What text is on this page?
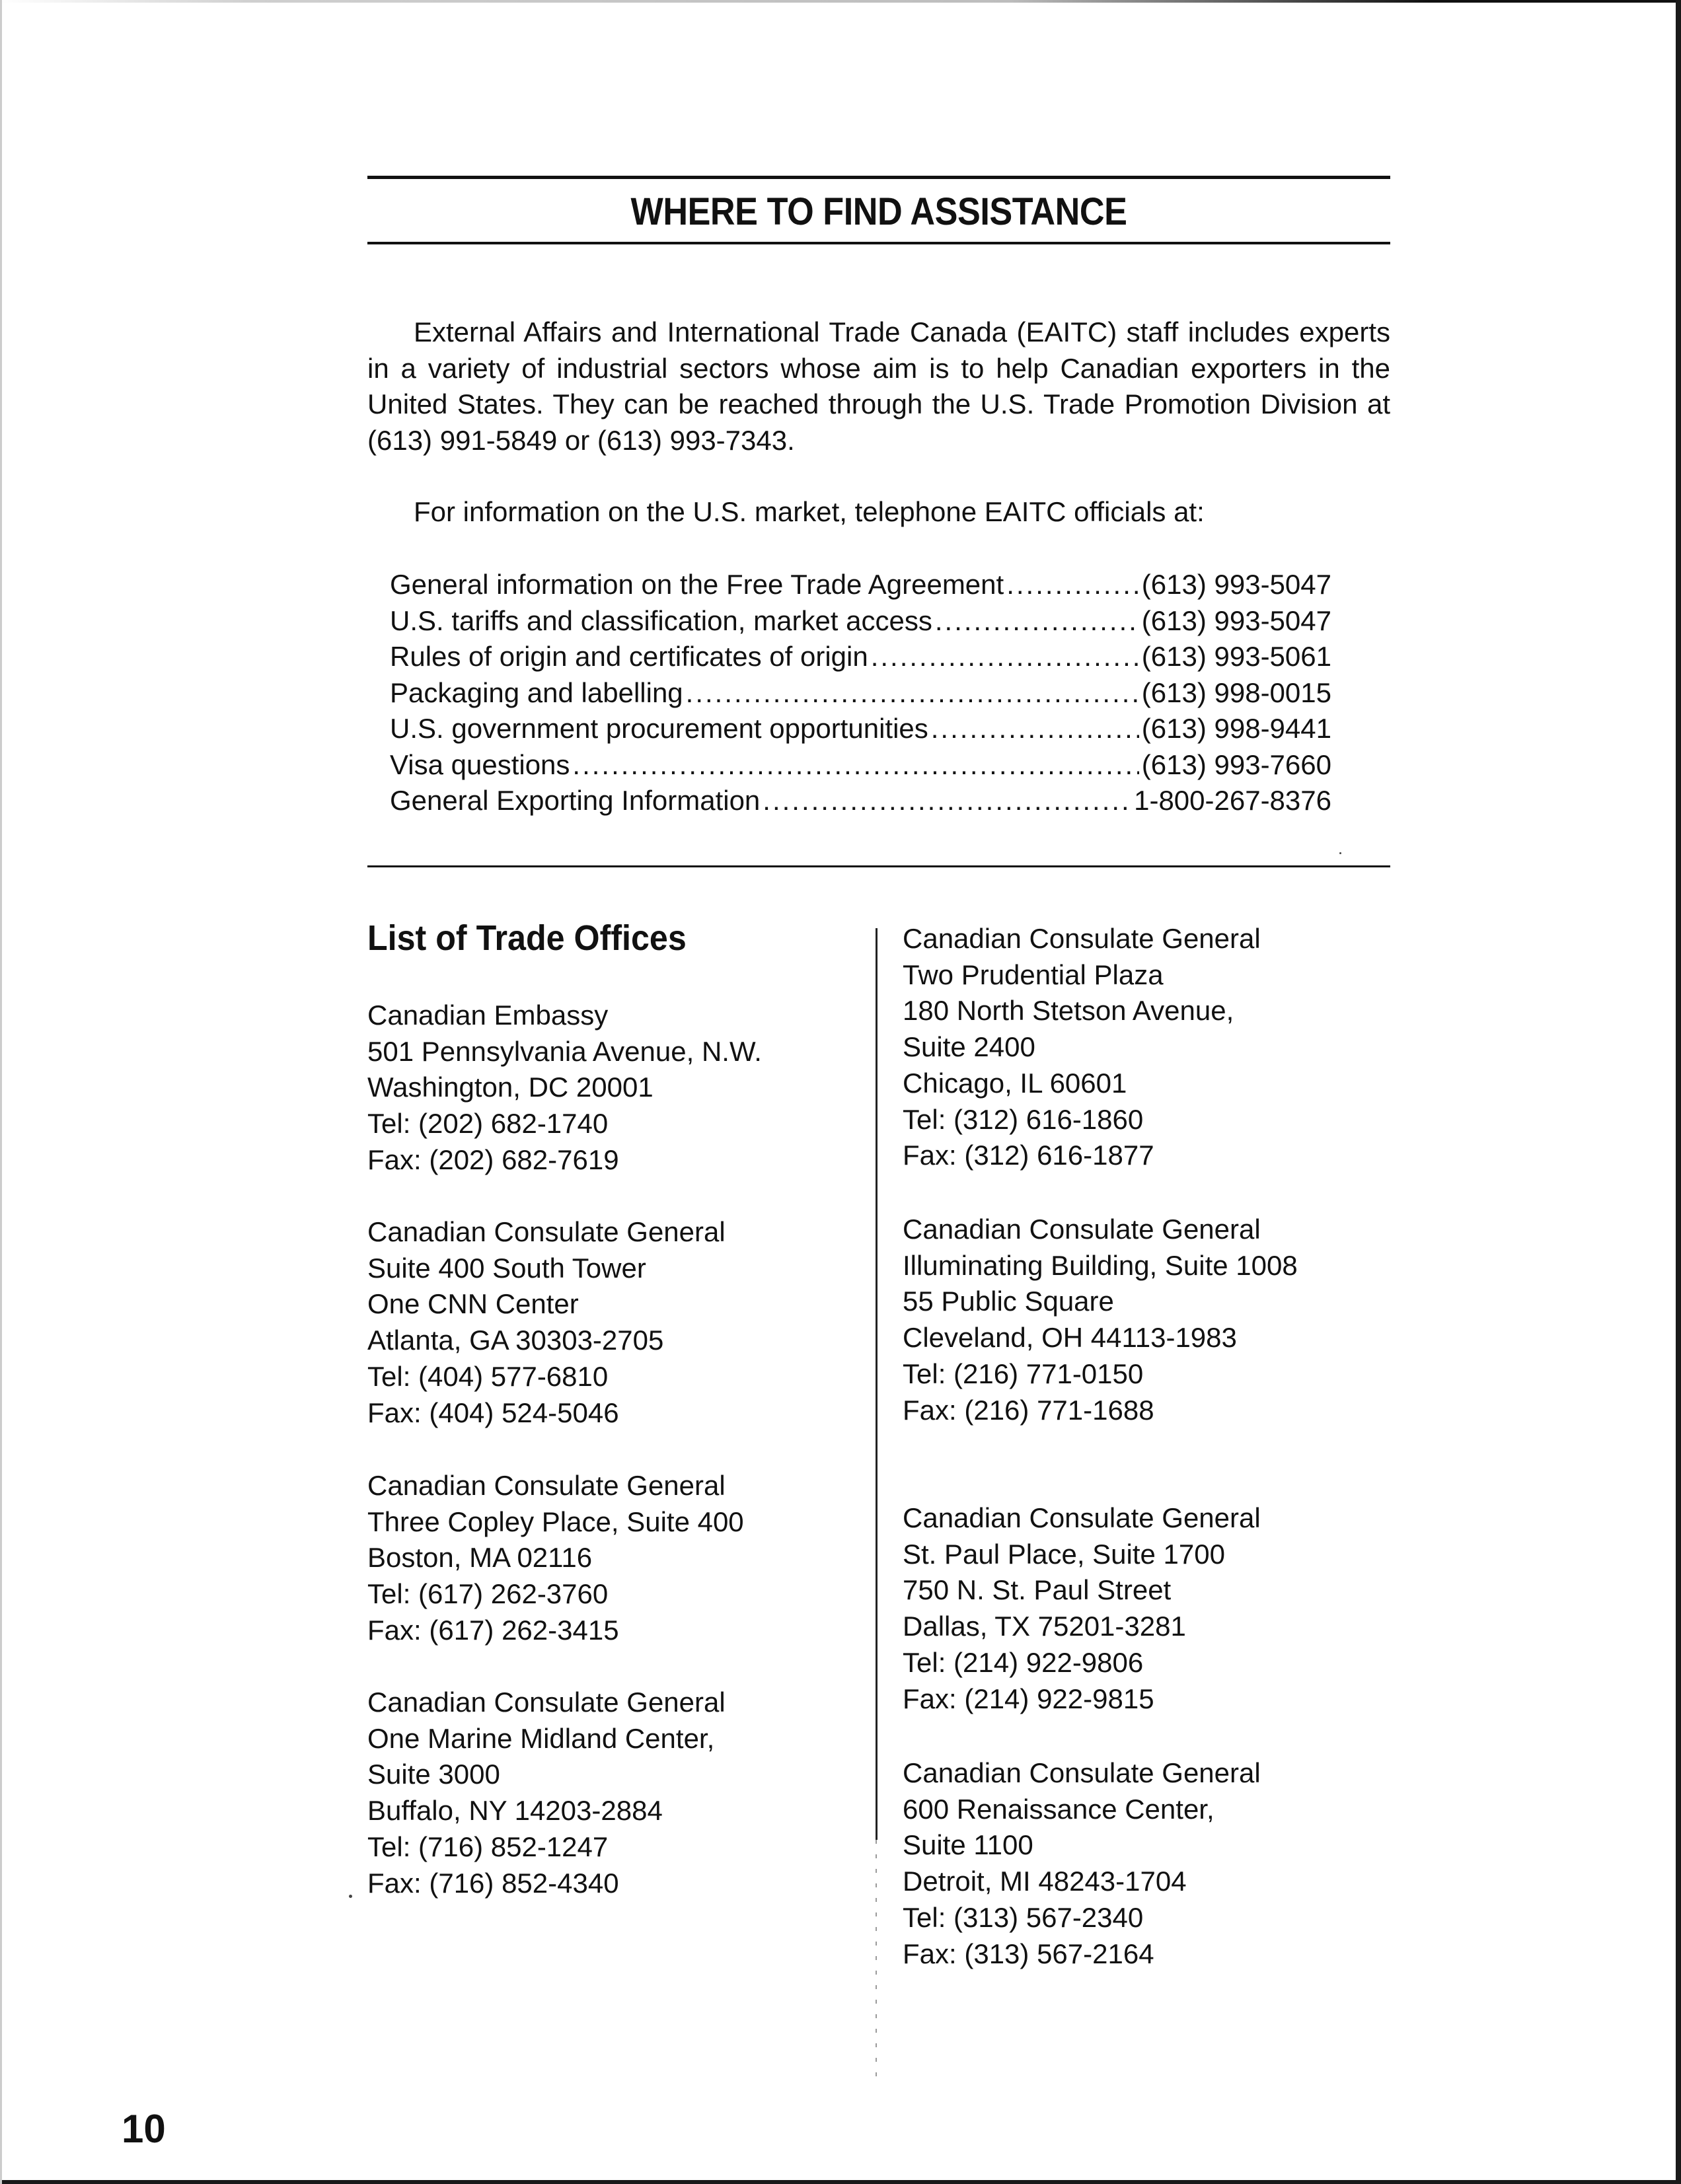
WHERE TO FIND ASSISTANCE

External Affairs and International Trade Canada (EAITC) staff includes experts in a variety of industrial sectors whose aim is to help Canadian exporters in the United States. They can be reached through the U.S. Trade Promotion Division at (613) 991-5849 or (613) 993-7343.

For information on the U.S. market, telephone EAITC officials at:

General information on the Free Trade Agreement .....	(613) 993-5047
U.S. tariffs and classification, market access .....	(613) 993-5047
Rules of origin and certificates of origin .....	(613) 993-5061
Packaging and labelling .....	(613) 998-0015
U.S. government procurement opportunities .....	(613) 998-9441
Visa questions .....	(613) 993-7660
General Exporting Information .....	1-800-267-8376
List of Trade Offices
Canadian Embassy
501 Pennsylvania Avenue, N.W.
Washington, DC 20001
Tel: (202) 682-1740
Fax: (202) 682-7619
Canadian Consulate General
Suite 400 South Tower
One CNN Center
Atlanta, GA 30303-2705
Tel: (404) 577-6810
Fax: (404) 524-5046
Canadian Consulate General
Three Copley Place, Suite 400
Boston, MA 02116
Tel: (617) 262-3760
Fax: (617) 262-3415
Canadian Consulate General
One Marine Midland Center,
Suite 3000
Buffalo, NY 14203-2884
Tel: (716) 852-1247
Fax: (716) 852-4340
Canadian Consulate General
Two Prudential Plaza
180 North Stetson Avenue,
Suite 2400
Chicago, IL 60601
Tel: (312) 616-1860
Fax: (312) 616-1877
Canadian Consulate General
Illuminating Building, Suite 1008
55 Public Square
Cleveland, OH 44113-1983
Tel: (216) 771-0150
Fax: (216) 771-1688
Canadian Consulate General
St. Paul Place, Suite 1700
750 N. St. Paul Street
Dallas, TX 75201-3281
Tel: (214) 922-9806
Fax: (214) 922-9815
Canadian Consulate General
600 Renaissance Center,
Suite 1100
Detroit, MI 48243-1704
Tel: (313) 567-2340
Fax: (313) 567-2164
10
